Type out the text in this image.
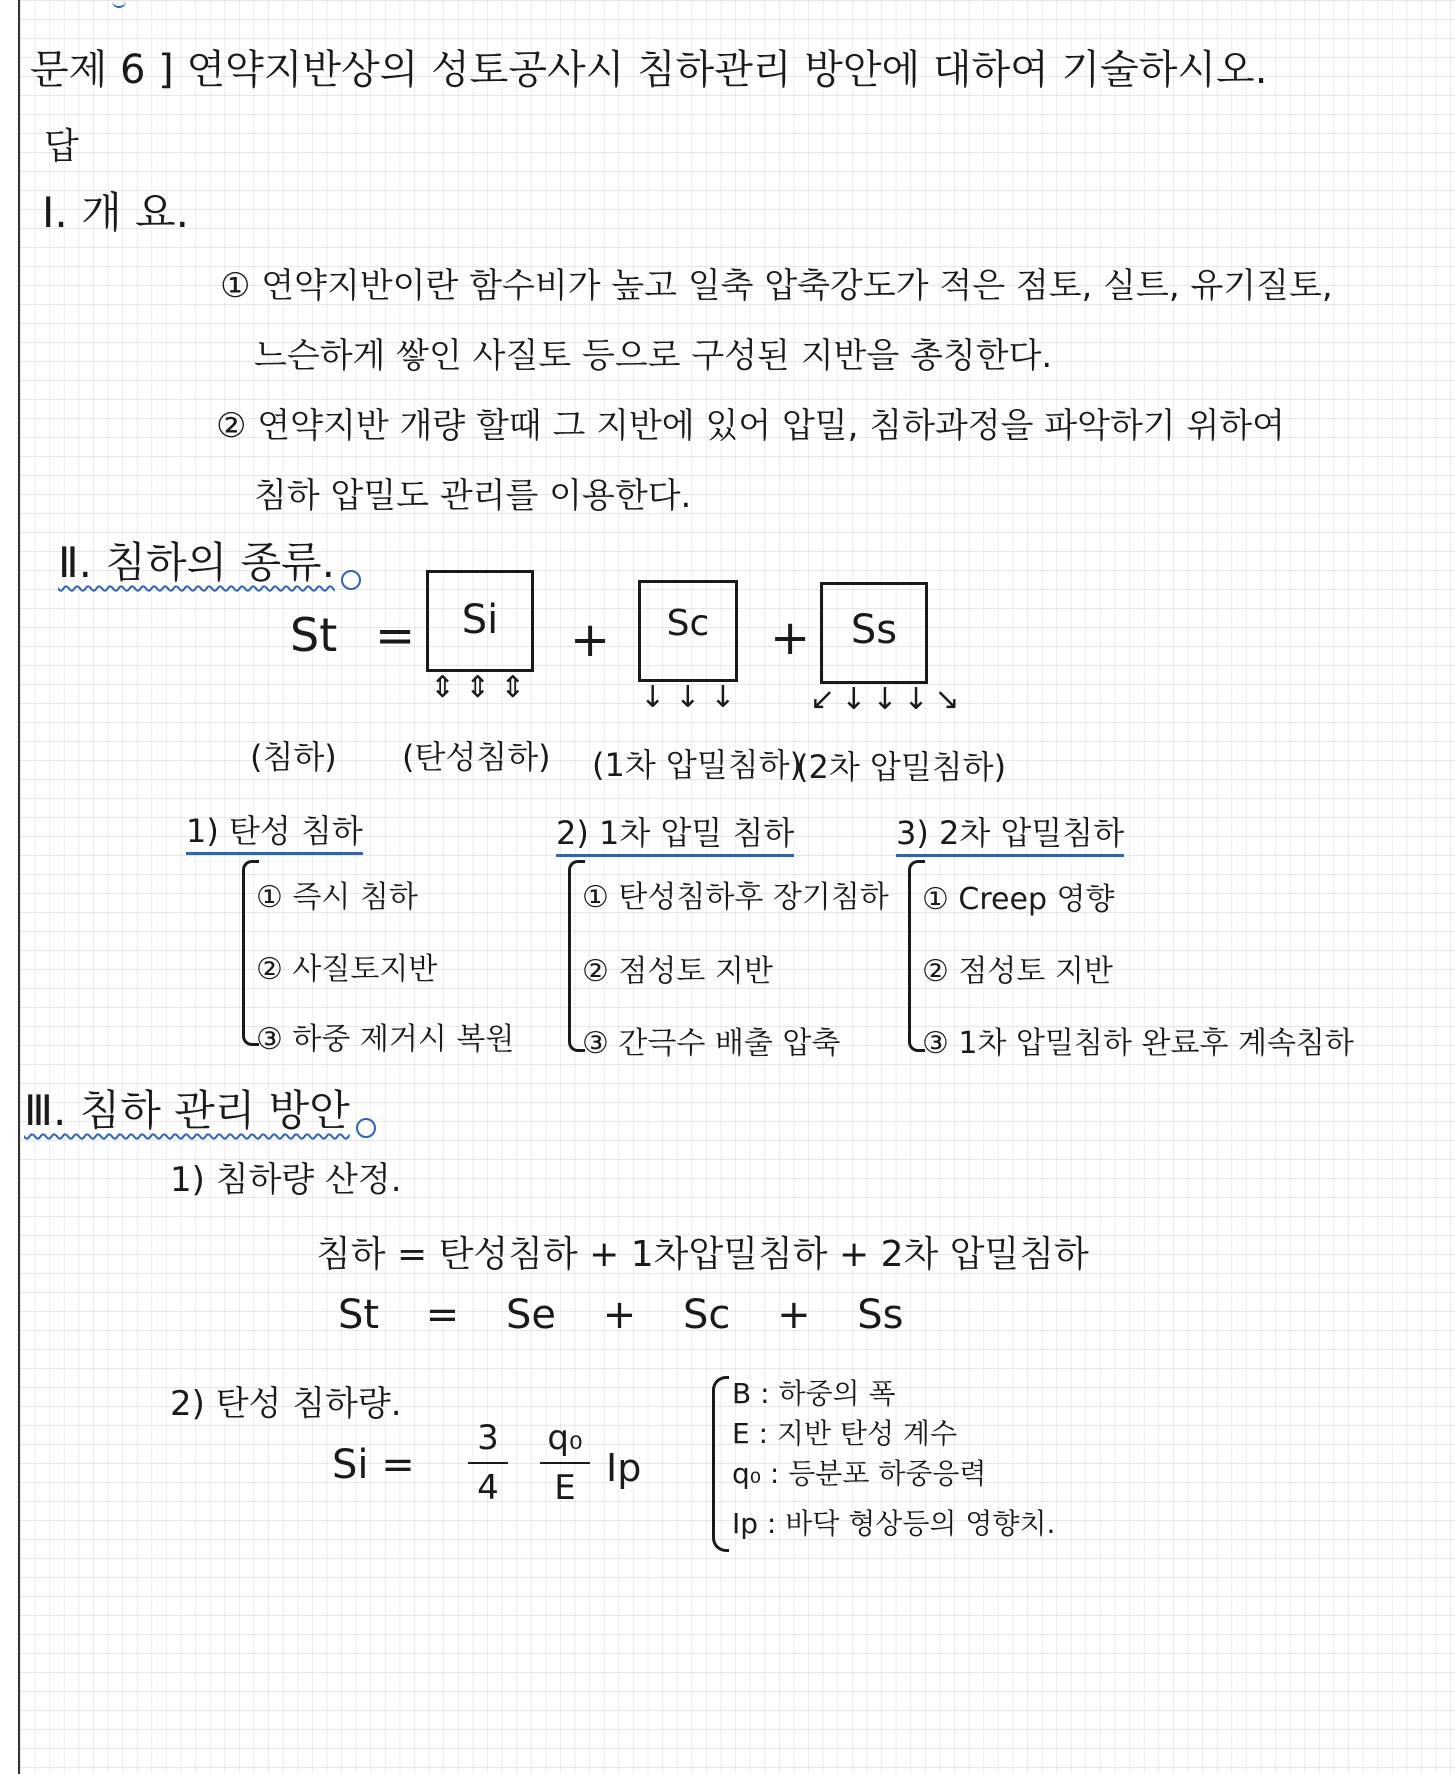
문제 6 ] 연약지반상의 성토공사시 침하관리 방안에 대하여 기술하시오.
답
Ⅰ. 개 요.
① 연약지반이란 함수비가 높고 일축 압축강도가 적은 점토, 실트, 유기질토,
느슨하게 쌓인 사질토 등으로 구성된 지반을 총칭한다.
② 연약지반 개량 할때 그 지반에 있어 압밀, 침하과정을 파악하기 위하여
침하 압밀도 관리를 이용한다.
Ⅱ. 침하의 종류.
St =	Si
⇕⇕⇕
+	Sc
↓↓↓
+	Ss
↙↓↓↓↘
(침하) (탄성침하) (1차 압밀침하)
(2차 압밀침하)
1) 탄성 침하
① 즉시 침하
② 사질토지반
③ 하중 제거시 복원
2) 1차 압밀 침하
① 탄성침하후 장기침하
② 점성토 지반
③ 간극수 배출 압축
3) 2차 압밀침하
① Creep 영향
② 점성토 지반
③ 1차 압밀침하 완료후 계속침하
Ⅲ. 침하 관리 방안
1) 침하량 산정.
침하 = 탄성침하 + 1차압밀침하 + 2차 압밀침하
St = Se + Sc + Ss
2) 탄성 침하량.
Si =
3
4
q₀
E Ip
B : 하중의 폭
E : 지반 탄성 계수
q₀ : 등분포 하중응력
Ip : 바닥 형상등의 영향치.
